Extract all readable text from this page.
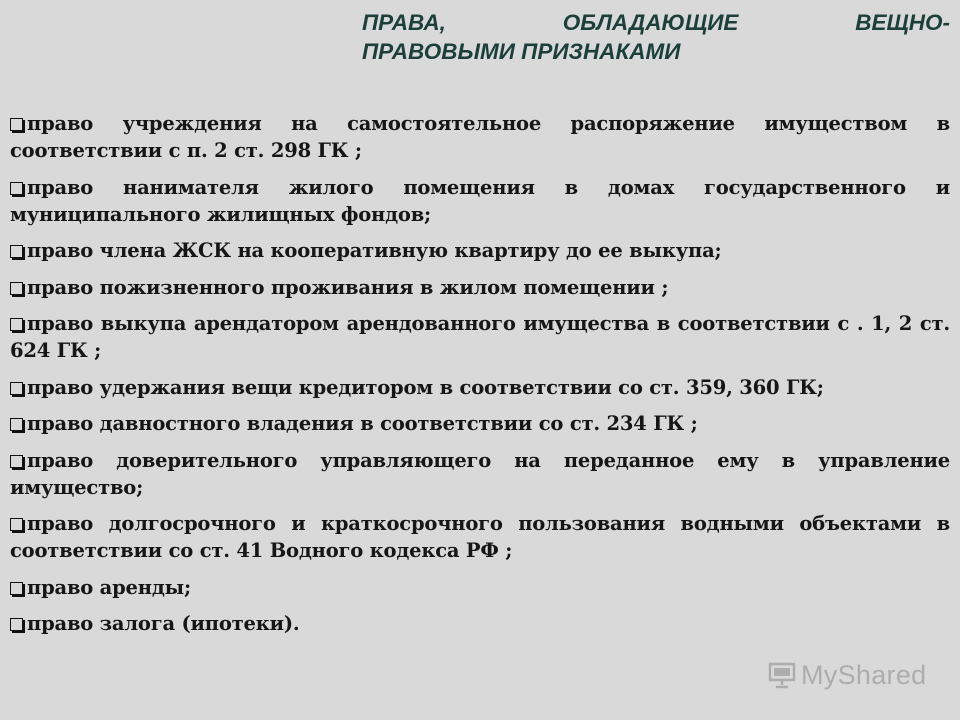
ПРАВА, ОБЛАДАЮЩИЕ ВЕЩНО-
ПРАВОВЫМИ ПРИЗНАКАМИ
право учреждения на самостоятельное распоряжение имуществом в соответствии с п. 2 ст. 298 ГК ;
право нанимателя жилого помещения в домах государственного и муниципального жилищных фондов;
право члена ЖСК на кооперативную квартиру до ее выкупа;
право пожизненного проживания в жилом помещении ;
право выкупа арендатором арендованного имущества в соответствии с . 1, 2 ст. 624 ГК ;
право удержания вещи кредитором в соответствии со ст. 359, 360 ГК;
право давностного владения в соответствии со ст. 234 ГК ;
право доверительного управляющего на переданное ему в управление имущество;
право долгосрочного и краткосрочного пользования водными объектами в соответствии со ст. 41 Водного кодекса РФ ;
право аренды;
право залога (ипотеки).
MyShared
